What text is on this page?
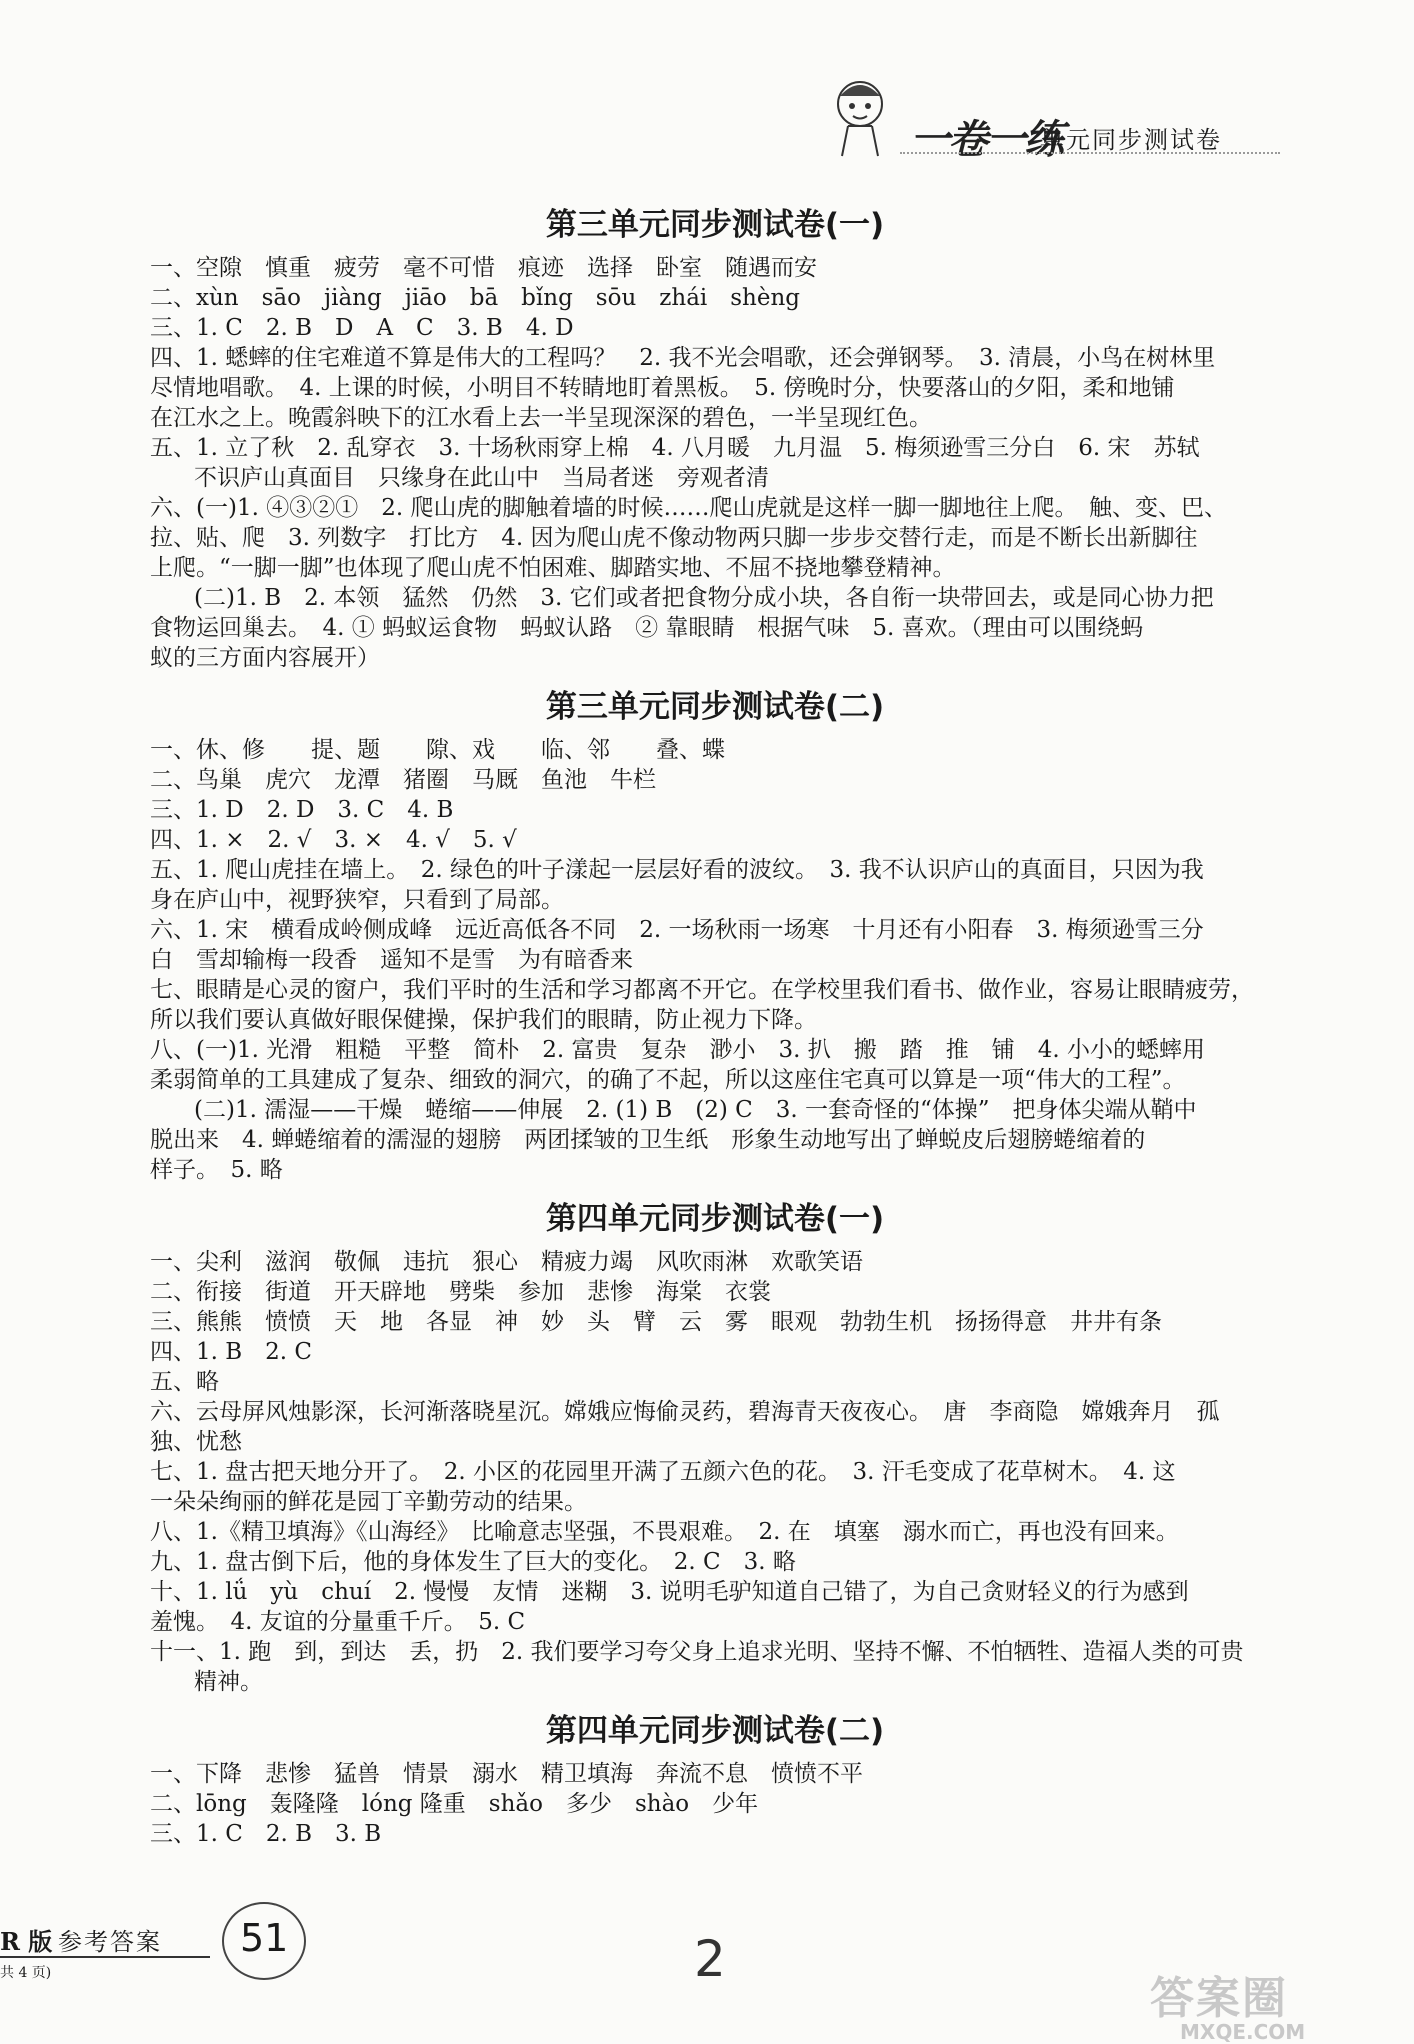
一卷一练
单元同步测试卷
第三单元同步测试卷(一)
一、空隙　慎重　疲劳　毫不可惜　痕迹　选择　卧室　随遇而安
二、xùn　sāo　jiàng　jiāo　bā　bǐng　sōu　zhái　shèng
三、1. C　2. B　D　A　C　3. B　4. D
四、1. 蟋蟀的住宅难道不算是伟大的工程吗？　2. 我不光会唱歌，还会弹钢琴。　3. 清晨，小鸟在树林里
尽情地唱歌。　4. 上课的时候，小明目不转睛地盯着黑板。　5. 傍晚时分，快要落山的夕阳，柔和地铺
在江水之上。晚霞斜映下的江水看上去一半呈现深深的碧色，一半呈现红色。
五、1. 立了秋　2. 乱穿衣　3. 十场秋雨穿上棉　4. 八月暖　九月温　5. 梅须逊雪三分白　6. 宋　苏轼
不识庐山真面目　只缘身在此山中　当局者迷　旁观者清
六、(一)1. ④③②①　2. 爬山虎的脚触着墙的时候……爬山虎就是这样一脚一脚地往上爬。　触、变、巴、
拉、贴、爬　3. 列数字　打比方　4. 因为爬山虎不像动物两只脚一步步交替行走，而是不断长出新脚往
上爬。“一脚一脚”也体现了爬山虎不怕困难、脚踏实地、不屈不挠地攀登精神。
(二)1. B　2. 本领　猛然　仍然　3. 它们或者把食物分成小块，各自衔一块带回去，或是同心协力把
食物运回巢去。　4. ① 蚂蚁运食物　蚂蚁认路　② 靠眼睛　根据气味　5. 喜欢。（理由可以围绕蚂
蚁的三方面内容展开）
第三单元同步测试卷(二)
一、休、修　　提、题　　隙、戏　　临、邻　　叠、蝶
二、鸟巢　虎穴　龙潭　猪圈　马厩　鱼池　牛栏
三、1. D　2. D　3. C　4. B
四、1. ×　2. √　3. ×　4. √　5. √
五、1. 爬山虎挂在墙上。　2. 绿色的叶子漾起一层层好看的波纹。　3. 我不认识庐山的真面目，只因为我
身在庐山中，视野狭窄，只看到了局部。
六、1. 宋　横看成岭侧成峰　远近高低各不同　2. 一场秋雨一场寒　十月还有小阳春　3. 梅须逊雪三分
白　雪却输梅一段香　遥知不是雪　为有暗香来
七、眼睛是心灵的窗户，我们平时的生活和学习都离不开它。在学校里我们看书、做作业，容易让眼睛疲劳，
所以我们要认真做好眼保健操，保护我们的眼睛，防止视力下降。
八、(一)1. 光滑　粗糙　平整　简朴　2. 富贵　复杂　渺小　3. 扒　搬　踏　推　铺　4. 小小的蟋蟀用
柔弱简单的工具建成了复杂、细致的洞穴，的确了不起，所以这座住宅真可以算是一项“伟大的工程”。
(二)1. 濡湿——干燥　蜷缩——伸展　2. (1) B　(2) C　3. 一套奇怪的“体操”　把身体尖端从鞘中
脱出来　4. 蝉蜷缩着的濡湿的翅膀　两团揉皱的卫生纸　形象生动地写出了蝉蜕皮后翅膀蜷缩着的
样子。　5. 略
第四单元同步测试卷(一)
一、尖利　滋润　敬佩　违抗　狠心　精疲力竭　风吹雨淋　欢歌笑语
二、衔接　街道　开天辟地　劈柴　参加　悲惨　海棠　衣裳
三、熊熊　愤愤　天　地　各显　神　妙　头　臂　云　雾　眼观　勃勃生机　扬扬得意　井井有条
四、1. B　2. C
五、略
六、云母屏风烛影深，长河渐落晓星沉。嫦娥应悔偷灵药，碧海青天夜夜心。　唐　李商隐　嫦娥奔月　孤
独、忧愁
七、1. 盘古把天地分开了。　2. 小区的花园里开满了五颜六色的花。　3. 汗毛变成了花草树木。　4. 这
一朵朵绚丽的鲜花是园丁辛勤劳动的结果。
八、1.《精卫填海》《山海经》　比喻意志坚强，不畏艰难。　2. 在　填塞　溺水而亡，再也没有回来。
九、1. 盘古倒下后，他的身体发生了巨大的变化。　2. C　3. 略
十、1. lǘ　yù　chuí　2. 慢慢　友情　迷糊　3. 说明毛驴知道自己错了，为自己贪财轻义的行为感到
羞愧。　4. 友谊的分量重千斤。　5. C
十一、1. 跑　到，到达　丢，扔　2. 我们要学习夸父身上追求光明、坚持不懈、不怕牺牲、造福人类的可贵
精神。
第四单元同步测试卷(二)
一、下降　悲惨　猛兽　情景　溺水　精卫填海　奔流不息　愤愤不平
二、lōng　轰隆隆　lóng 隆重　shǎo　多少　shào　少年
三、1. C　2. B　3. B
R 版 参考答案
共 4 页)
51	2
答案圈
MXQE.COM
